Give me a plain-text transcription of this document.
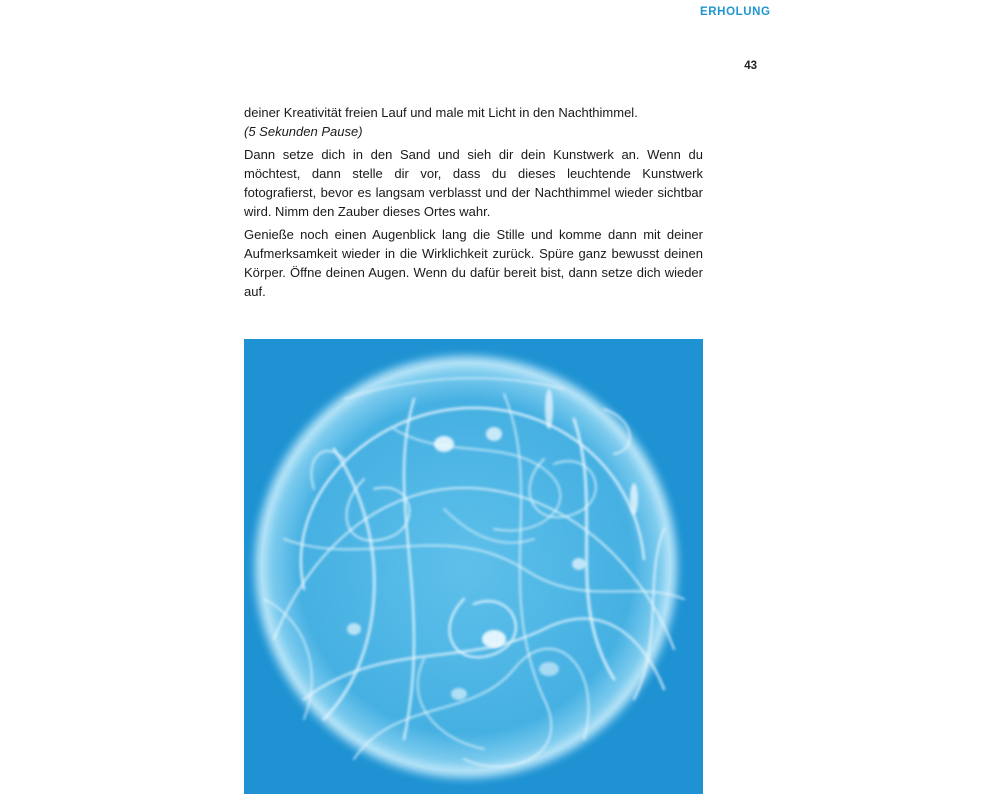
ERHOLUNG
43

deiner Kreativität freien Lauf und male mit Licht in den Nachthimmel.
(5 Sekunden Pause)

Dann setze dich in den Sand und sieh dir dein Kunstwerk an. Wenn du möchtest, dann stelle dir vor, dass du dieses leuchtende Kunstwerk fotografierst, bevor es langsam verblasst und der Nachthimmel wieder sichtbar wird. Nimm den Zauber dieses Ortes wahr.

Genieße noch einen Augenblick lang die Stille und komme dann mit deiner Aufmerksamkeit wieder in die Wirklichkeit zurück. Spüre ganz bewusst deinen Körper. Öffne deinen Augen. Wenn du dafür bereit bist, dann setze dich wieder auf.
